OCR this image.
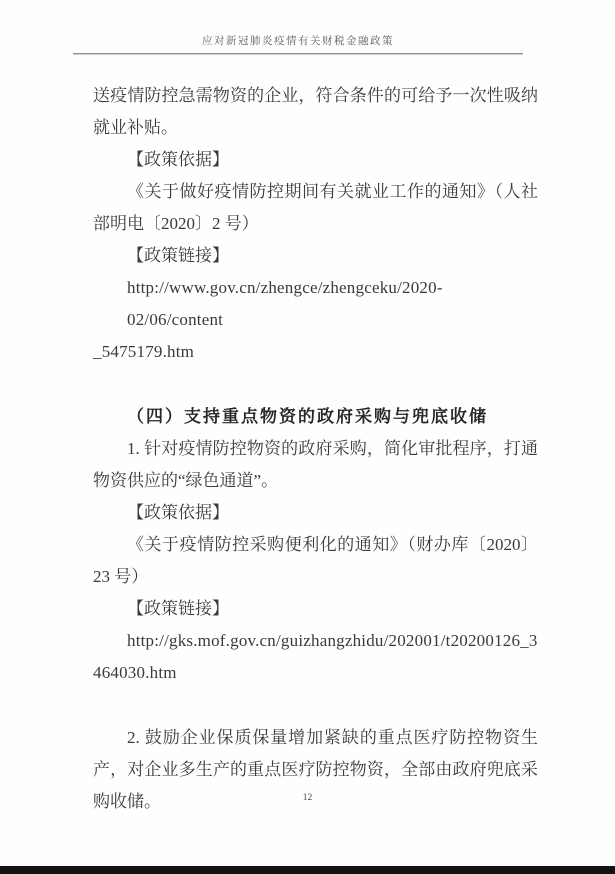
应对新冠肺炎疫情有关财税金融政策
送疫情防控急需物资的企业，符合条件的可给予一次性吸纳
就业补贴。
【政策依据】
《关于做好疫情防控期间有关就业工作的通知》（人社
部明电〔2020〕2 号）
【政策链接】
http://www.gov.cn/zhengce/zhengceku/2020-02/06/content
_5475179.htm
（四）支持重点物资的政府采购与兜底收储
1. 针对疫情防控物资的政府采购，简化审批程序，打通
物资供应的“绿色通道”。
【政策依据】
《关于疫情防控采购便利化的通知》（财办库〔2020〕
23 号）
【政策链接】
http://gks.mof.gov.cn/guizhangzhidu/202001/t20200126_3
464030.htm
2. 鼓励企业保质保量增加紧缺的重点医疗防控物资生
产，对企业多生产的重点医疗防控物资，全部由政府兜底采
购收储。	12
